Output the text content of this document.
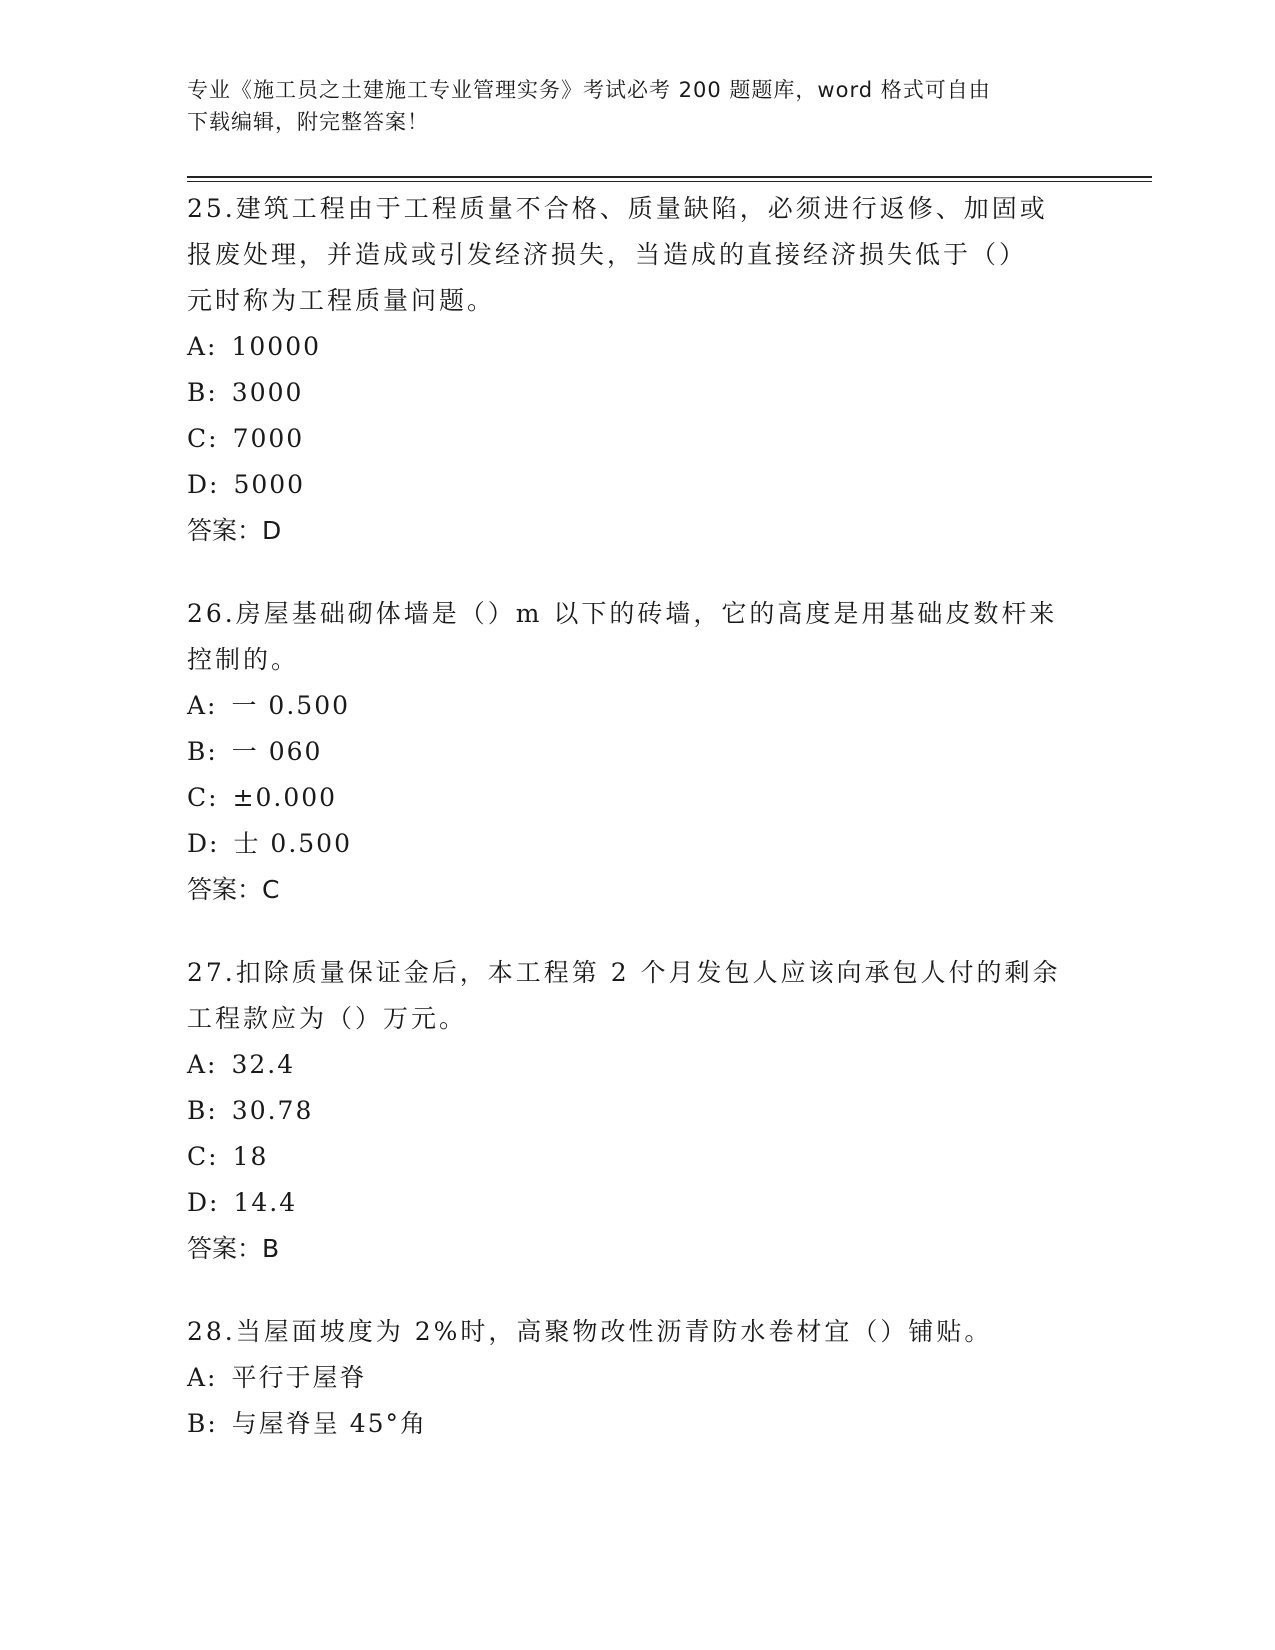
专业《施工员之土建施工专业管理实务》考试必考 200 题题库，word 格式可自由
下载编辑，附完整答案！

25.建筑工程由于工程质量不合格、质量缺陷，必须进行返修、加固或

报废处理，并造成或引发经济损失，当造成的直接经济损失低于（）

元时称为工程质量问题。

A: 10000

B: 3000

C: 7000

D: 5000

答案：D

26.房屋基础砌体墙是（）m 以下的砖墙，它的高度是用基础皮数杆来

控制的。

A: 一 0.500

B: 一 060

C: ±0.000

D: 士 0.500

答案：C

27.扣除质量保证金后，本工程第 2 个月发包人应该向承包人付的剩余

工程款应为（）万元。

A: 32.4

B: 30.78

C: 18

D: 14.4

答案：B

28.当屋面坡度为 2%时，高聚物改性沥青防水卷材宜（）铺贴。

A: 平行于屋脊

B: 与屋脊呈 45°角
